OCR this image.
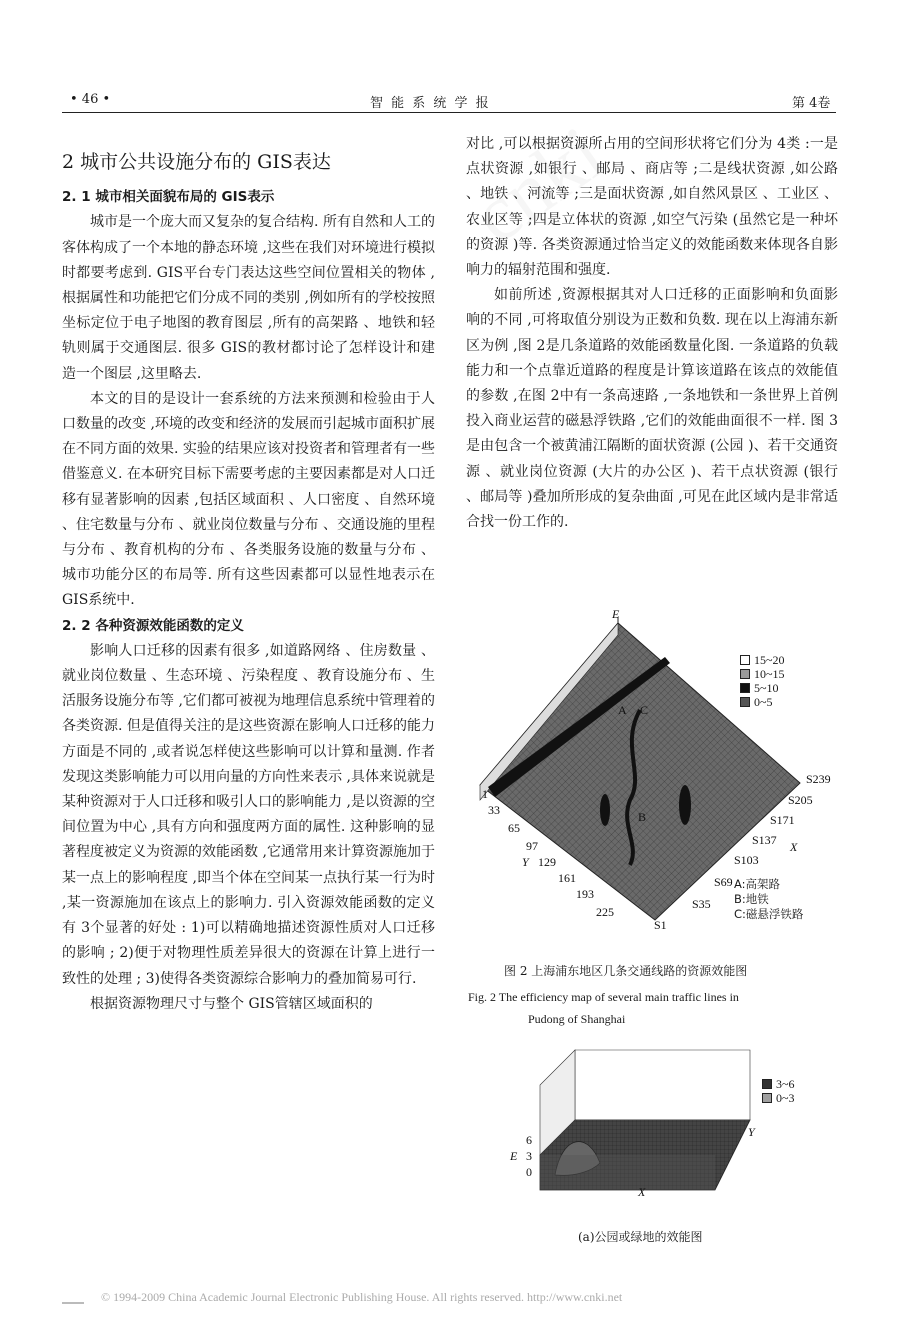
• 46 •	智 能 系 统 学 报	第 4卷

2 城市公共设施分布的 GIS表达

2. 1 城市相关面貌布局的 GIS表示

城市是一个庞大而又复杂的复合结构. 所有自然和人工的客体构成了一个本地的静态环境 ,这些在我们对环境进行模拟时都要考虑到. GIS平台专门表达这些空间位置相关的物体 ,根据属性和功能把它们分成不同的类别 ,例如所有的学校按照坐标定位于电子地图的教育图层 ,所有的高架路 、地铁和轻轨则属于交通图层. 很多 GIS的教材都讨论了怎样设计和建造一个图层 ,这里略去.

本文的目的是设计一套系统的方法来预测和检验由于人口数量的改变 ,环境的改变和经济的发展而引起城市面积扩展在不同方面的效果. 实验的结果应该对投资者和管理者有一些借鉴意义. 在本研究目标下需要考虑的主要因素都是对人口迁移有显著影响的因素 ,包括区域面积 、人口密度 、自然环境 、住宅数量与分布 、就业岗位数量与分布 、交通设施的里程与分布 、教育机构的分布 、各类服务设施的数量与分布 、城市功能分区的布局等. 所有这些因素都可以显性地表示在 GIS系统中.

2. 2 各种资源效能函数的定义

影响人口迁移的因素有很多 ,如道路网络 、住房数量 、就业岗位数量 、生态环境 、污染程度 、教育设施分布 、生活服务设施分布等 ,它们都可被视为地理信息系统中管理着的各类资源. 但是值得关注的是这些资源在影响人口迁移的能力方面是不同的 ,或者说怎样使这些影响可以计算和量测. 作者发现这类影响能力可以用向量的方向性来表示 ,具体来说就是某种资源对于人口迁移和吸引人口的影响能力 ,是以资源的空间位置为中心 ,具有方向和强度两方面的属性. 这种影响的显著程度被定义为资源的效能函数 ,它通常用来计算资源施加于某一点上的影响程度 ,即当个体在空间某一点执行某一行为时 ,某一资源施加在该点上的影响力. 引入资源效能函数的定义有 3个显著的好处 : 1)可以精确地描述资源性质对人口迁移的影响 ; 2)便于对物理性质差异很大的资源在计算上进行一致性的处理 ; 3)使得各类资源综合影响力的叠加简易可行.

根据资源物理尺寸与整个 GIS管辖区域面积的

对比 ,可以根据资源所占用的空间形状将它们分为 4类 :一是点状资源 ,如银行 、邮局 、商店等 ;二是线状资源 ,如公路 、地铁 、河流等 ;三是面状资源 ,如自然风景区 、工业区 、农业区等 ;四是立体状的资源 ,如空气污染 (虽然它是一种坏的资源 )等. 各类资源通过恰当定义的效能函数来体现各自影响力的辐射范围和强度.

如前所述 ,资源根据其对人口迁移的正面影响和负面影响的不同 ,可将取值分别设为正数和负数. 现在以上海浦东新区为例 ,图 2是几条道路的效能函数量化图. 一条道路的负载能力和一个点靠近道路的程度是计算该道路在该点的效能值的参数 ,在图 2中有一条高速路 ,一条地铁和一条世界上首例投入商业运营的磁悬浮铁路 ,它们的效能曲面很不一样. 图 3是由包含一个被黄浦江隔断的面状资源 (公园 )、若干交通资源 、就业岗位资源 (大片的办公区 )、若干点状资源 (银行 、邮局等 )叠加所形成的复杂曲面 ,可见在此区域内是非常适合找一份工作的.

E
A
B
C
15~20
10~15
5~10
0~5
S239
S205
S171
S137
S103
S69
S35
S1
X
1
33
65
97
129
161
193
225
Y
A:高架路
B:地铁
C:磁悬浮铁路
图 2 上海浦东地区几条交通线路的资源效能图
Fig. 2 The efficiency map of several main traffic lines in
Pudong of Shanghai
6
E 3
0
X
Y
3~6
0~3
(a)公园或绿地的效能图
© 1994-2009 China Academic Journal Electronic Publishing House. All rights reserved. http://www.cnki.net
